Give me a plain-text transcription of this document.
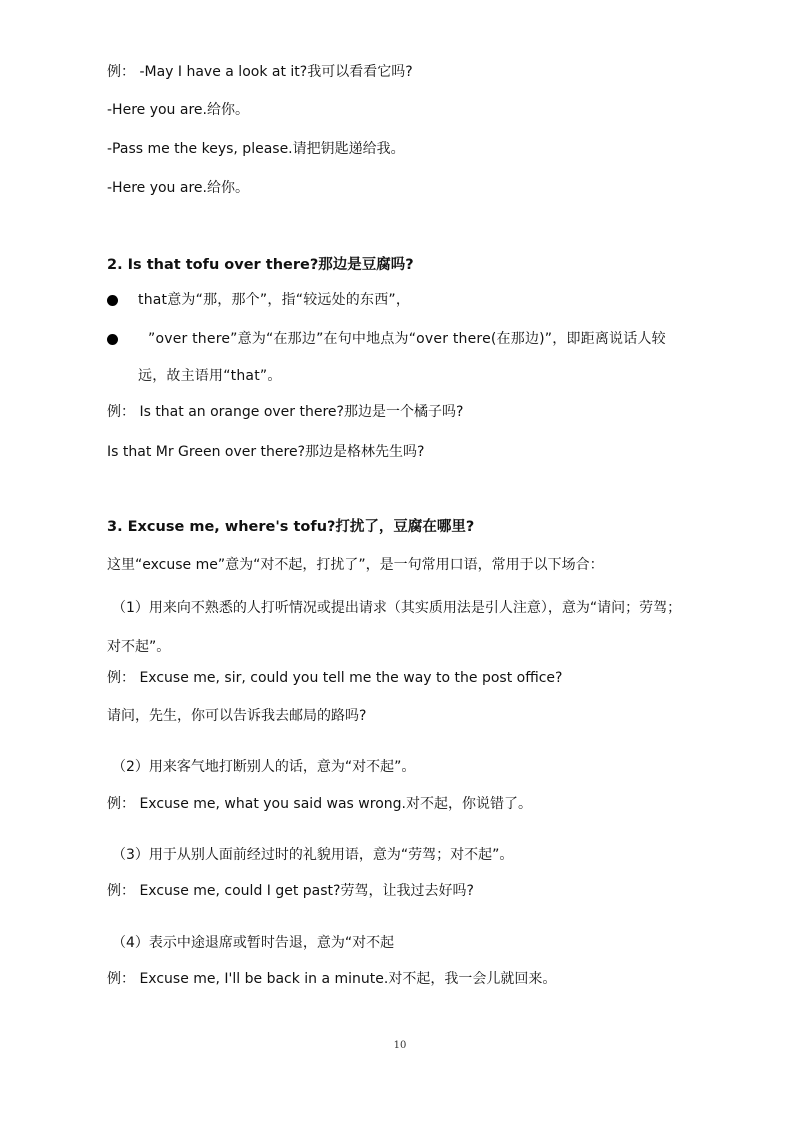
例： -May I have a look at it?我可以看看它吗?
-Here you are.给你。
-Pass me the keys, please.请把钥匙递给我。
-Here you are.给你。
2. Is that tofu over there?那边是豆腐吗?
that意为“那，那个”，指“较远处的东西”，
”over there”意为“在那边”在句中地点为“over there(在那边)”，即距离说话人较
远，故主语用“that”。
例： Is that an orange over there?那边是一个橘子吗?
Is that Mr Green over there?那边是格林先生吗?
3. Excuse me, where's tofu?打扰了，豆腐在哪里?
这里“excuse me”意为“对不起，打扰了”，是一句常用口语，常用于以下场合：
（1）用来向不熟悉的人打听情况或提出请求（其实质用法是引人注意），意为“请问；劳驾；
对不起”。
例： Excuse me, sir, could you tell me the way to the post office?
请问，先生，你可以告诉我去邮局的路吗?
（2）用来客气地打断别人的话，意为“对不起”。
例： Excuse me, what you said was wrong.对不起，你说错了。
（3）用于从别人面前经过时的礼貌用语，意为“劳驾；对不起”。
例： Excuse me, could I get past?劳驾，让我过去好吗?
（4）表示中途退席或暂时告退，意为“对不起
例： Excuse me, I'll be back in a minute.对不起，我一会儿就回来。
10
